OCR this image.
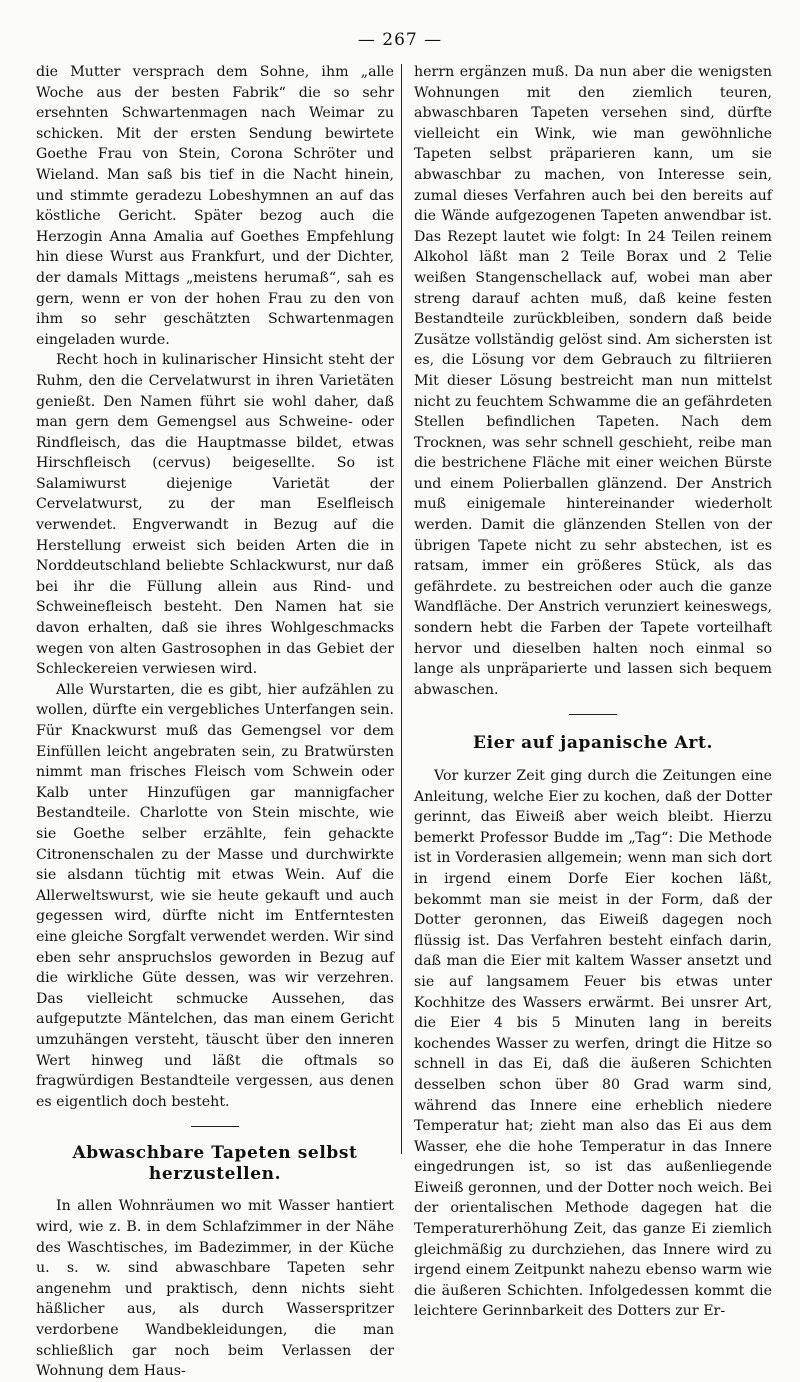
— 267 —

die Mutter versprach dem Sohne, ihm „alle Woche aus der besten Fabrik“ die so sehr ersehnten Schwartenmagen nach Weimar zu schicken. Mit der ersten Sendung bewirtete Goethe Frau von Stein, Corona Schröter und Wieland. Man saß bis tief in die Nacht hinein, und stimmte geradezu Lobeshymnen an auf das köstliche Gericht. Später bezog auch die Herzogin Anna Amalia auf Goethes Empfehlung hin diese Wurst aus Frankfurt, und der Dichter, der damals Mittags „meistens herumaß“, sah es gern, wenn er von der hohen Frau zu den von ihm so sehr geschätzten Schwartenmagen eingeladen wurde.

Recht hoch in kulinarischer Hinsicht steht der Ruhm, den die Cervelatwurst in ihren Varietäten genießt. Den Namen führt sie wohl daher, daß man gern dem Gemengsel aus Schweine- oder Rindfleisch, das die Hauptmasse bildet, etwas Hirschfleisch (cervus) beigesellte. So ist Salamiwurst diejenige Varietät der Cervelatwurst, zu der man Eselfleisch verwendet. Engverwandt in Bezug auf die Herstellung erweist sich beiden Arten die in Norddeutschland beliebte Schlackwurst, nur daß bei ihr die Füllung allein aus Rind- und Schweinefleisch besteht. Den Namen hat sie davon erhalten, daß sie ihres Wohlgeschmacks wegen von alten Gastrosophen in das Gebiet der Schleckereien verwiesen wird.

Alle Wurstarten, die es gibt, hier aufzählen zu wollen, dürfte ein vergebliches Unterfangen sein. Für Knackwurst muß das Gemengsel vor dem Einfüllen leicht angebraten sein, zu Bratwürsten nimmt man frisches Fleisch vom Schwein oder Kalb unter Hinzufügen gar mannigfacher Bestandteile. Charlotte von Stein mischte, wie sie Goethe selber erzählte, fein gehackte Citronenschalen zu der Masse und durchwirkte sie alsdann tüchtig mit etwas Wein. Auf die Allerweltswurst, wie sie heute gekauft und auch gegessen wird, dürfte nicht im Entferntesten eine gleiche Sorgfalt verwendet werden. Wir sind eben sehr anspruchslos geworden in Bezug auf die wirkliche Güte dessen, was wir verzehren. Das vielleicht schmucke Aussehen, das aufgeputzte Mäntelchen, das man einem Gericht umzuhängen versteht, täuscht über den inneren Wert hinweg und läßt die oftmals so fragwürdigen Bestandteile vergessen, aus denen es eigentlich doch besteht.

Abwaschbare Tapeten selbst herzustellen.

In allen Wohnräumen wo mit Wasser hantiert wird, wie z. B. in dem Schlafzimmer in der Nähe des Waschtisches, im Badezimmer, in der Küche u. s. w. sind abwaschbare Tapeten sehr angenehm und praktisch, denn nichts sieht häßlicher aus, als durch Wasserspritzer verdorbene Wandbekleidungen, die man schließlich gar noch beim Verlassen der Wohnung dem Haus-

herrn ergänzen muß. Da nun aber die wenigsten Wohnungen mit den ziemlich teuren, abwaschbaren Tapeten versehen sind, dürfte vielleicht ein Wink, wie man gewöhnliche Tapeten selbst präparieren kann, um sie abwaschbar zu machen, von Interesse sein, zumal dieses Verfahren auch bei den bereits auf die Wände aufgezogenen Tapeten anwendbar ist. Das Rezept lautet wie folgt: In 24 Teilen reinem Alkohol läßt man 2 Teile Borax und 2 Telie weißen Stangenschellack auf, wobei man aber streng darauf achten muß, daß keine festen Bestandteile zurückbleiben, sondern daß beide Zusätze vollständig gelöst sind. Am sichersten ist es, die Lösung vor dem Gebrauch zu filtriieren Mit dieser Lösung bestreicht man nun mittelst nicht zu feuchtem Schwamme die an gefährdeten Stellen befindlichen Tapeten. Nach dem Trocknen, was sehr schnell geschieht, reibe man die bestrichene Fläche mit einer weichen Bürste und einem Polierballen glänzend. Der Anstrich muß einigemale hintereinander wiederholt werden. Damit die glänzenden Stellen von der übrigen Tapete nicht zu sehr abstechen, ist es ratsam, immer ein größeres Stück, als das gefährdete. zu bestreichen oder auch die ganze Wandfläche. Der Anstrich verunziert keineswegs, sondern hebt die Farben der Tapete vorteilhaft hervor und dieselben halten noch einmal so lange als unpräparierte und lassen sich bequem abwaschen.

Eier auf japanische Art.

Vor kurzer Zeit ging durch die Zeitungen eine Anleitung, welche Eier zu kochen, daß der Dotter gerinnt, das Eiweiß aber weich bleibt. Hierzu bemerkt Professor Budde im „Tag“: Die Methode ist in Vorderasien allgemein; wenn man sich dort in irgend einem Dorfe Eier kochen läßt, bekommt man sie meist in der Form, daß der Dotter geronnen, das Eiweiß dagegen noch flüssig ist. Das Verfahren besteht einfach darin, daß man die Eier mit kaltem Wasser ansetzt und sie auf langsamem Feuer bis etwas unter Kochhitze des Wassers erwärmt. Bei unsrer Art, die Eier 4 bis 5 Minuten lang in bereits kochendes Wasser zu werfen, dringt die Hitze so schnell in das Ei, daß die äußeren Schichten desselben schon über 80 Grad warm sind, während das Innere eine erheblich niedere Temperatur hat; zieht man also das Ei aus dem Wasser, ehe die hohe Temperatur in das Innere eingedrungen ist, so ist das außenliegende Eiweiß geronnen, und der Dotter noch weich. Bei der orientalischen Methode dagegen hat die Temperaturerhöhung Zeit, das ganze Ei ziemlich gleichmäßig zu durchziehen, das Innere wird zu irgend einem Zeitpunkt nahezu ebenso warm wie die äußeren Schichten. Infolgedessen kommt die leichtere Gerinnbarkeit des Dotters zur Er-
